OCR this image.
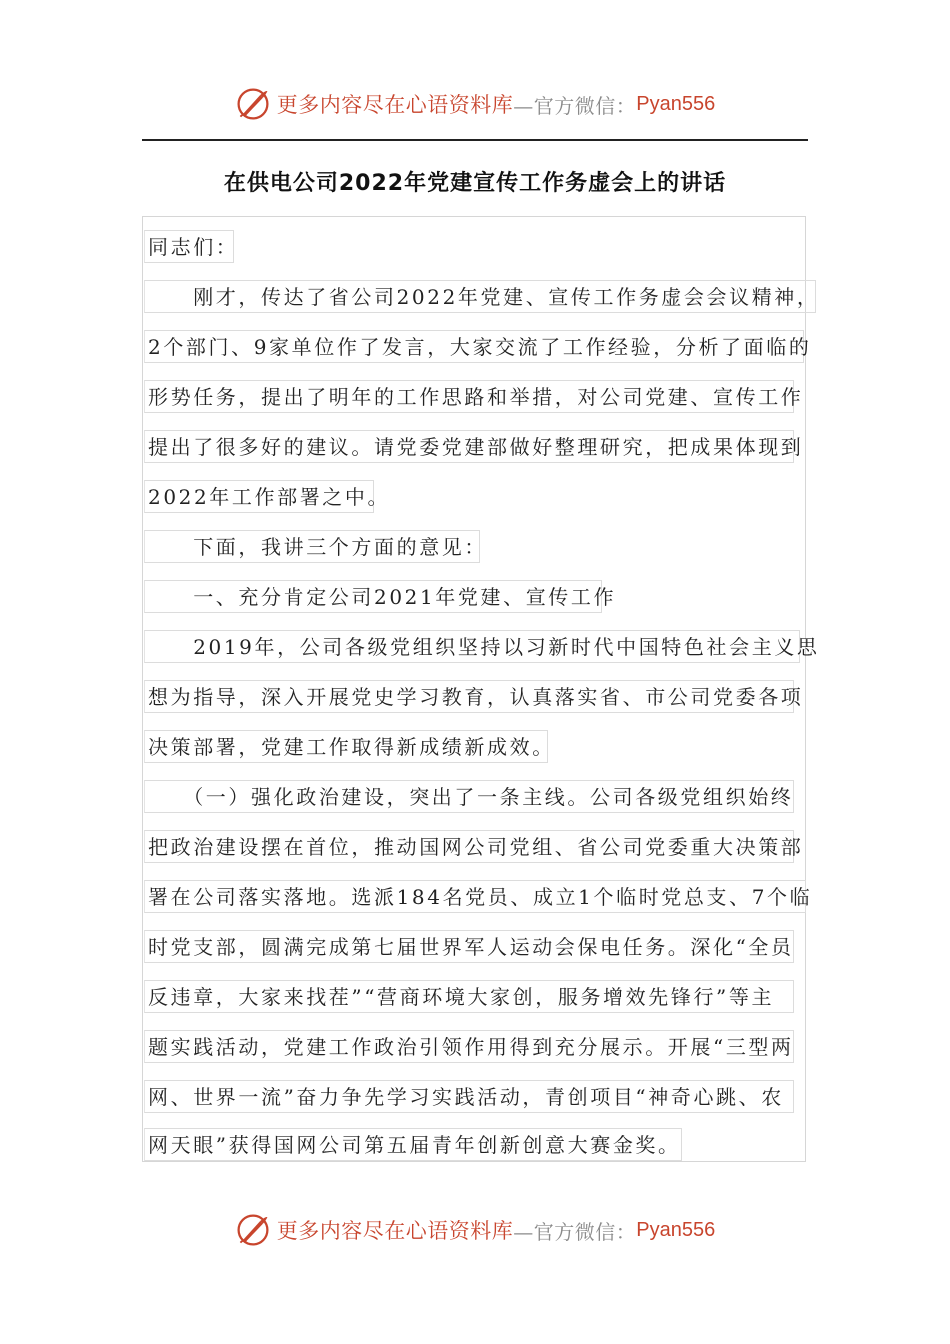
更多内容尽在心语资料库 —官方微信： Pyan556
在供电公司2022年党建宣传工作务虚会上的讲话
同志们：
　　刚才，传达了省公司2022年党建、宣传工作务虚会会议精神，
2个部门、9家单位作了发言，大家交流了工作经验，分析了面临的
形势任务，提出了明年的工作思路和举措，对公司党建、宣传工作
提出了很多好的建议。请党委党建部做好整理研究，把成果体现到
2022年工作部署之中。
　　下面，我讲三个方面的意见：
　　一、充分肯定公司2021年党建、宣传工作
　　2019年，公司各级党组织坚持以习新时代中国特色社会主义思
想为指导，深入开展党史学习教育，认真落实省、市公司党委各项
决策部署，党建工作取得新成绩新成效。
　　（一）强化政治建设，突出了一条主线。公司各级党组织始终
把政治建设摆在首位，推动国网公司党组、省公司党委重大决策部
署在公司落实落地。选派184名党员、成立1个临时党总支、7个临
时党支部，圆满完成第七届世界军人运动会保电任务。深化“全员
反违章，大家来找茬”“营商环境大家创，服务增效先锋行”等主
题实践活动，党建工作政治引领作用得到充分展示。开展“三型两
网、世界一流”奋力争先学习实践活动，青创项目“神奇心跳、农
网天眼”获得国网公司第五届青年创新创意大赛金奖。
更多内容尽在心语资料库 —官方微信： Pyan556
